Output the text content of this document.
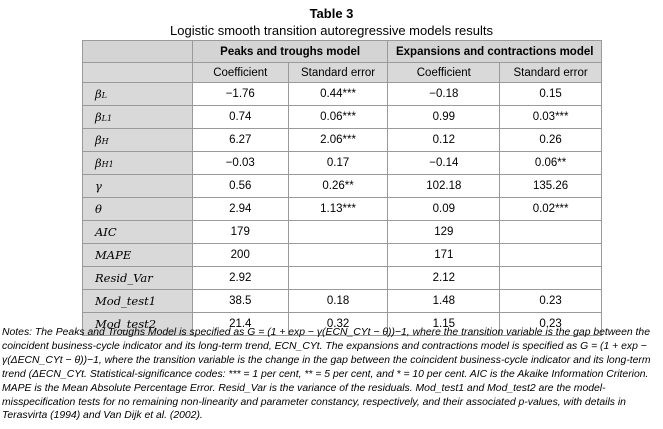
Table 3
Logistic smooth transition autoregressive models results
	Peaks and troughs model		Expansions and contractions model	
	Coefficient	Standard error	Coefficient	Standard error
βL	−1.76	0.44***	−0.18	0.15
βL1	0.74	0.06***	0.99	0.03***
βH	6.27	2.06***	0.12	0.26
βH1	−0.03	0.17	−0.14	0.06**
γ	0.56	0.26**	102.18	135.26
θ	2.94	1.13***	0.09	0.02***
AIC	179		129	
MAPE	200		171	
Resid_Var	2.92		2.12	
Mod_test1	38.5	0.18	1.48	0.23
Mod_test2	21.4	0.32	1.15	0.23
Notes: The Peaks and Troughs Model is specified as G = (1 + exp − γ(ECN_CYt − θ))−1, where the transition variable is the gap between the coincident business-cycle indicator and its long-term trend, ECN_CYt. The expansions and contractions model is specified as G = (1 + exp − γ(ΔECN_CYt − θ))−1, where the transition variable is the change in the gap between the coincident business-cycle indicator and its long-term trend (ΔECN_CYt. Statistical-significance codes: *** = 1 per cent, ** = 5 per cent, and * = 10 per cent. AIC is the Akaike Information Criterion. MAPE is the Mean Absolute Percentage Error. Resid_Var is the variance of the residuals. Mod_test1 and Mod_test2 are the model-misspecification tests for no remaining non-linearity and parameter constancy, respectively, and their associated p-values, with details in Terasvirta (1994) and Van Dijk et al. (2002).
